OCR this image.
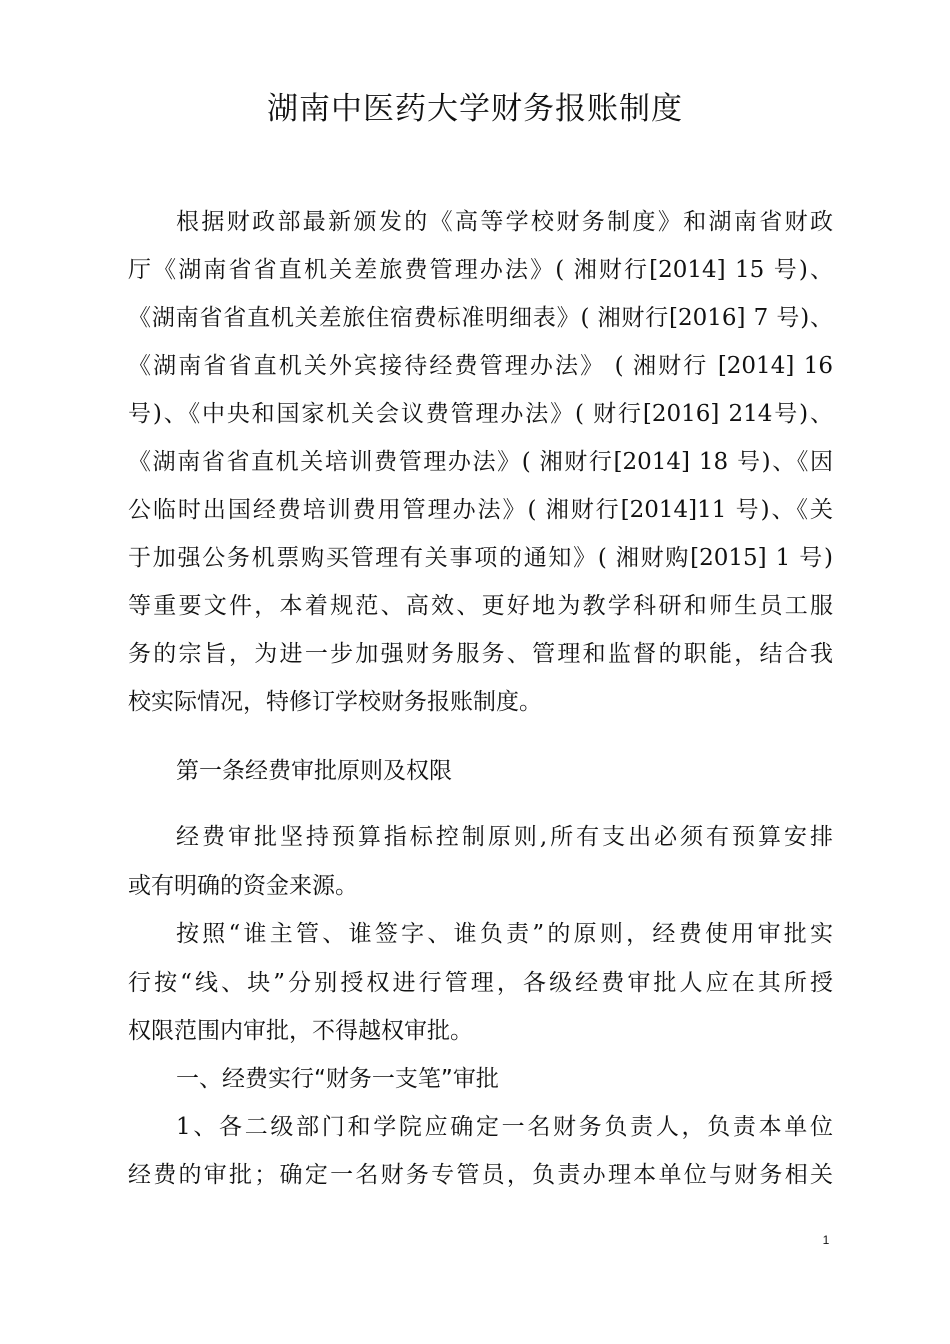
湖南中医药大学财务报账制度
根据财政部最新颁发的《高等学校财务制度》和湖南省财政
厅《湖南省省直机关差旅费管理办法》( 湘财行[2014] 15 号)、
《湖南省省直机关差旅住宿费标准明细表》( 湘财行[2016] 7 号)、
《湖南省省直机关外宾接待经费管理办法》 ( 湘财行 [2014] 16
号)、《中央和国家机关会议费管理办法》( 财行[2016] 214号)、
《湖南省省直机关培训费管理办法》( 湘财行[2014] 18 号)、《因
公临时出国经费培训费用管理办法》( 湘财行[2014]11 号)、《关
于加强公务机票购买管理有关事项的通知》( 湘财购[2015] 1 号)
等重要文件，本着规范、高效、更好地为教学科研和师生员工服
务的宗旨，为进一步加强财务服务、管理和监督的职能，结合我
校实际情况，特修订学校财务报账制度。
第一条经费审批原则及权限
经费审批坚持预算指标控制原则,所有支出必须有预算安排
或有明确的资金来源。
按照“谁主管、谁签字、谁负责”的原则，经费使用审批实
行按“线、块”分别授权进行管理，各级经费审批人应在其所授
权限范围内审批，不得越权审批。
一、经费实行“财务一支笔”审批
1、各二级部门和学院应确定一名财务负责人，负责本单位
经费的审批；确定一名财务专管员，负责办理本单位与财务相关
1
